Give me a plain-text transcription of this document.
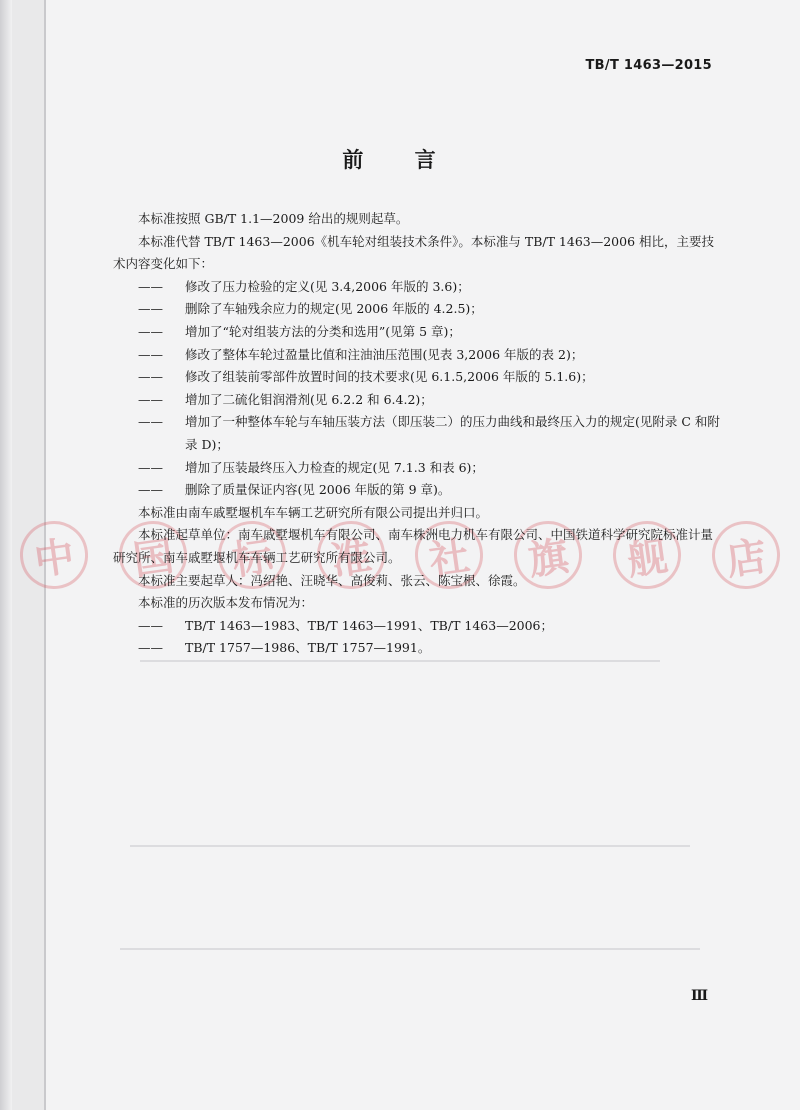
TB/T 1463—2015
前 言
中	国	标	准	社	旗	舰	店

本标准按照 GB/T 1.1—2009 给出的规则起草。

本标准代替 TB/T 1463—2006《机车轮对组装技术条件》。本标准与 TB/T 1463—2006 相比，主要技术内容变化如下：

—— 修改了压力检验的定义(见 3.4,2006 年版的 3.6)；

—— 删除了车轴残余应力的规定(见 2006 年版的 4.2.5)；

—— 增加了“轮对组装方法的分类和选用”(见第 5 章)；

—— 修改了整体车轮过盈量比值和注油油压范围(见表 3,2006 年版的表 2)；

—— 修改了组装前零部件放置时间的技术要求(见 6.1.5,2006 年版的 5.1.6)；

—— 增加了二硫化钼润滑剂(见 6.2.2 和 6.4.2)；

—— 增加了一种整体车轮与车轴压装方法（即压装二）的压力曲线和最终压入力的规定(见附录 C 和附录 D)；

—— 增加了压装最终压入力检查的规定(见 7.1.3 和表 6)；

—— 删除了质量保证内容(见 2006 年版的第 9 章)。

本标准由南车戚墅堰机车车辆工艺研究所有限公司提出并归口。

本标准起草单位：南车戚墅堰机车有限公司、南车株洲电力机车有限公司、中国铁道科学研究院标准计量研究所、南车戚墅堰机车车辆工艺研究所有限公司。

本标准主要起草人：冯绍艳、汪晓华、高俊莉、张云、陈宝根、徐霞。

本标准的历次版本发布情况为：

—— TB/T 1463—1983、TB/T 1463—1991、TB/T 1463—2006；

—— TB/T 1757—1986、TB/T 1757—1991。

Ⅲ
